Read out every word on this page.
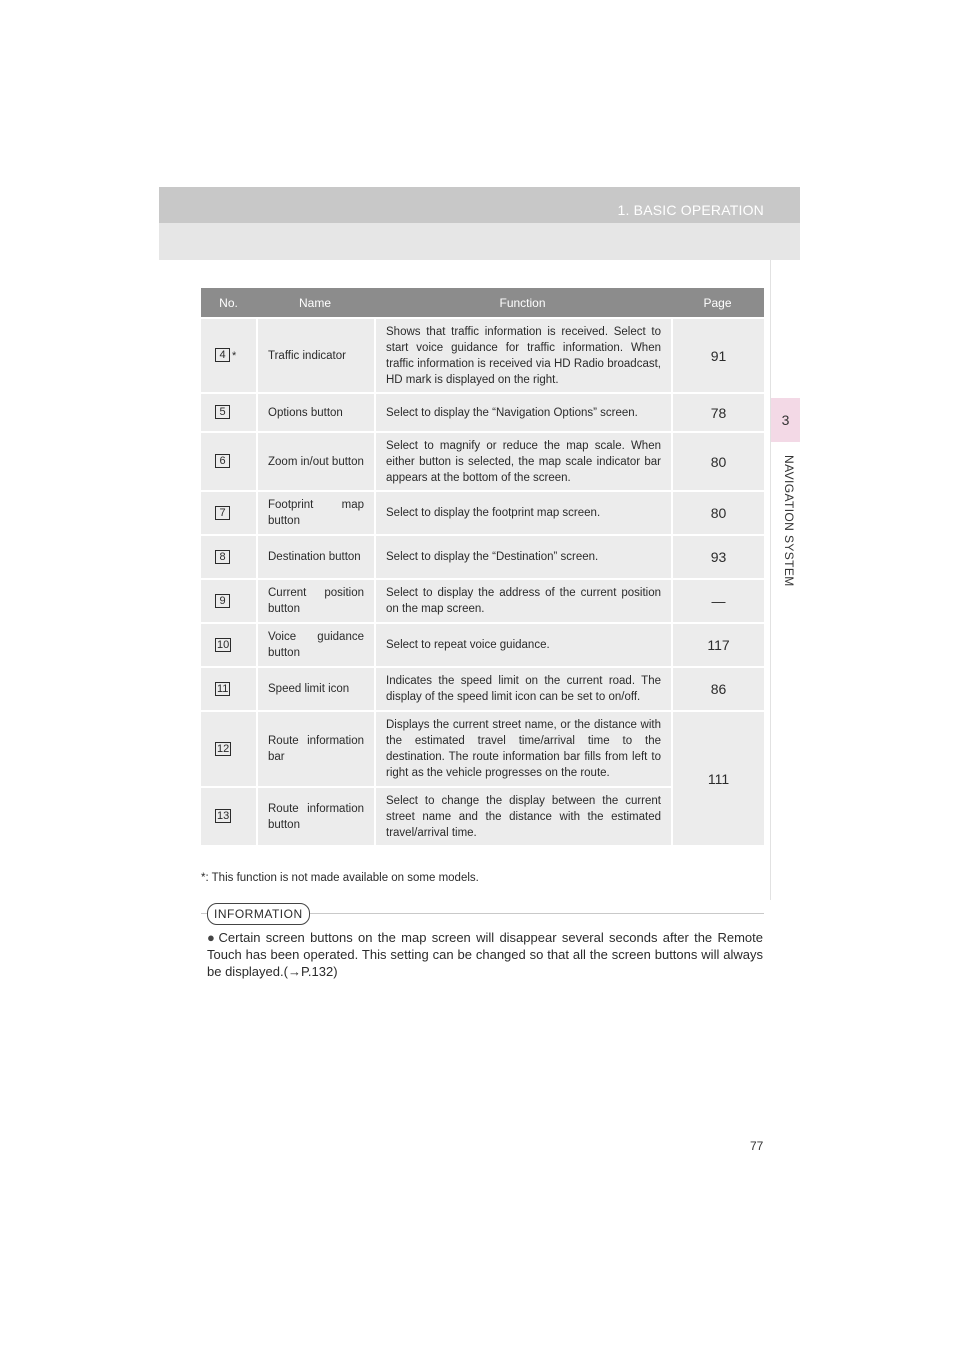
1. BASIC OPERATION
3
NAVIGATION SYSTEM
No.	Name	Function	Page
4 *	Traffic indicator	Shows that traffic information is received. Select to start voice guidance for traffic information. When traffic information is received via HD Radio broadcast, HD mark is displayed on the right.	91
5	Options button	Select to display the “Navigation Options” screen.	78
6	Zoom in/out button	Select to magnify or reduce the map scale. When either button is selected, the map scale indicator bar appears at the bottom of the screen.	80
7	Footprint map button	Select to display the footprint map screen.	80
8	Destination button	Select to display the “Destination” screen.	93
9	Current position button	Select to display the address of the current position on the map screen.	—
10	Voice guidance button	Select to repeat voice guidance.	117
11	Speed limit icon	Indicates the speed limit on the current road. The display of the speed limit icon can be set to on/off.	86
12	Route information bar	Displays the current street name, or the distance with the estimated travel time/arrival time to the destination. The route information bar fills from left to right as the vehicle progresses on the route.	111
13	Route information button	Select to change the display between the current street name and the distance with the estimated travel/arrival time.	
*: This function is not made available on some models.
INFORMATION
● Certain screen buttons on the map screen will disappear several seconds after the Remote Touch has been operated. This setting can be changed so that all the screen buttons will always be displayed.(→P.132)
77
